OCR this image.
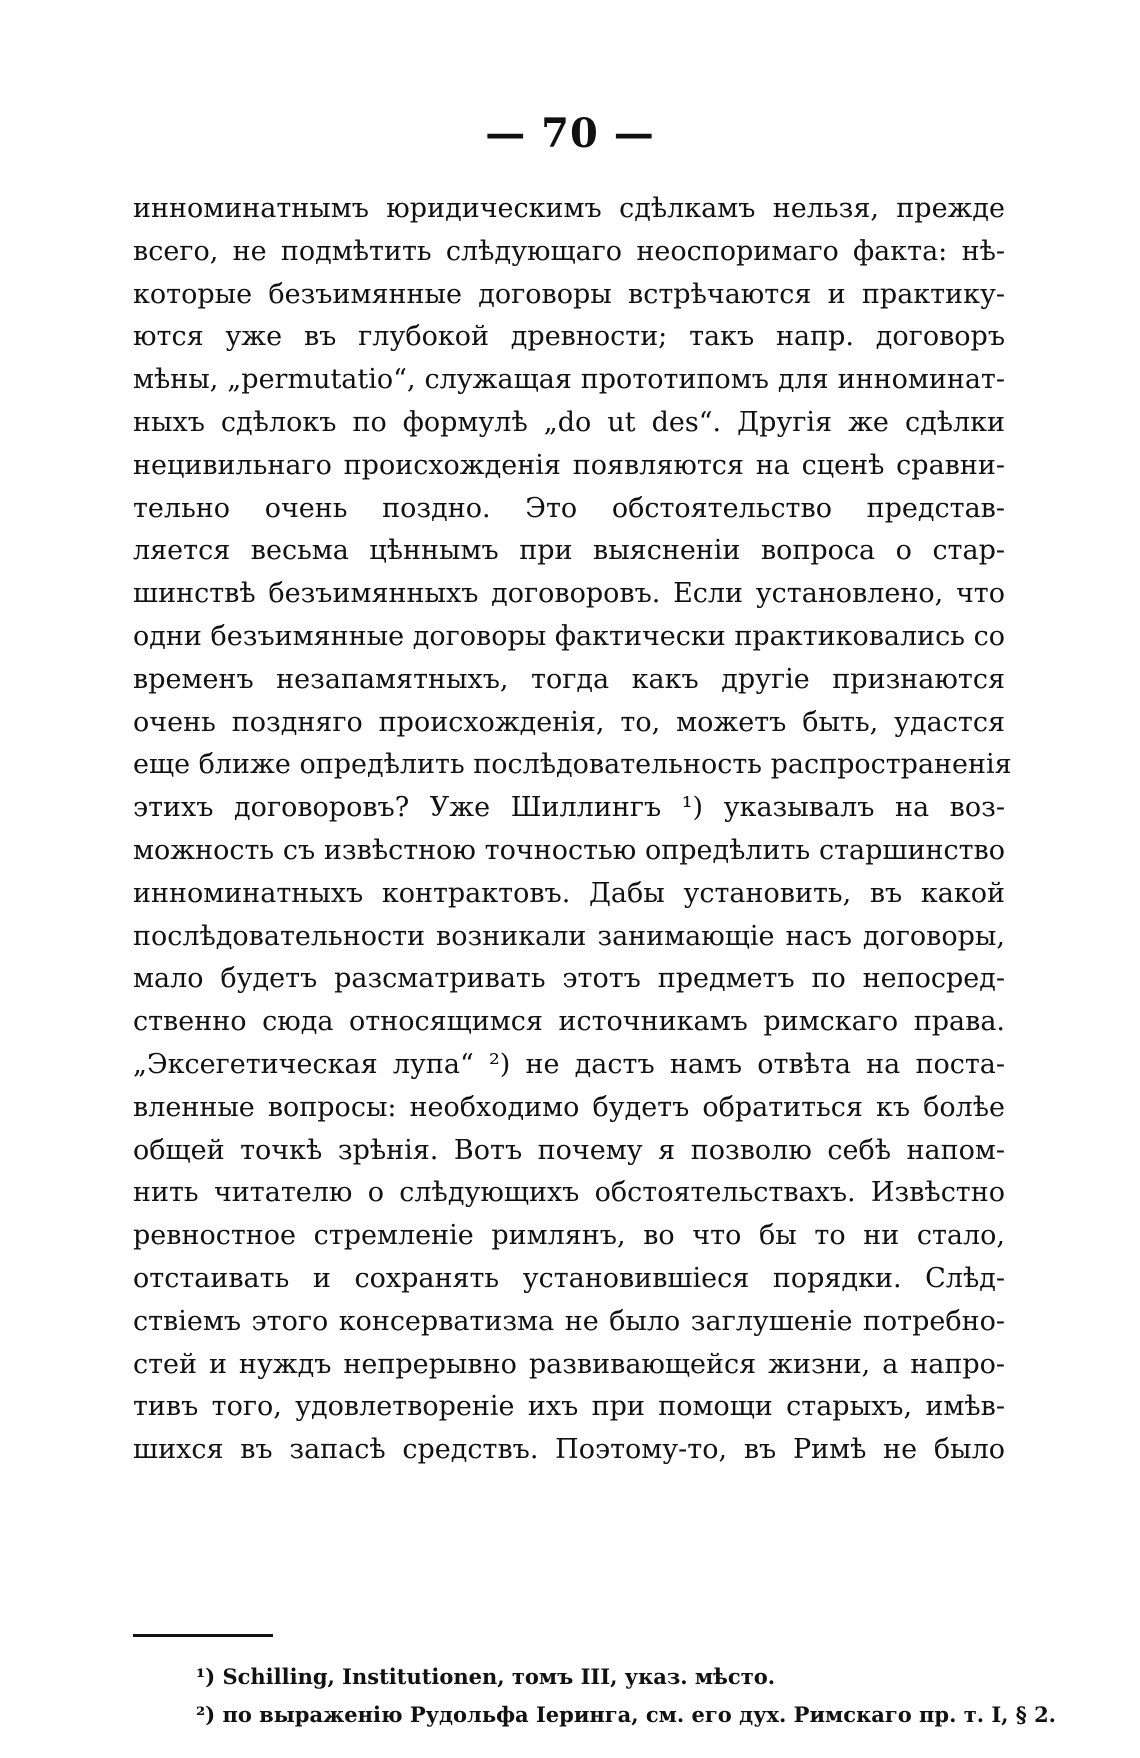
— 70 —
инноминатнымъ юридическимъ сдѣлкамъ нельзя, прежде
всего, не подмѣтить слѣдующаго неоспоримаго факта: нѣ-
которые безъимянные договоры встрѣчаются и практику-
ются уже въ глубокой древности; такъ напр. договоръ
мѣны, „permutatio“, служащая прототипомъ для инноминат-
ныхъ сдѣлокъ по формулѣ „do ut des“. Другія же сдѣлки
нецивильнаго происхожденія появляются на сценѣ сравни-
тельно очень поздно. Это обстоятельство представ-
ляется весьма цѣннымъ при выясненіи вопроса о стар-
шинствѣ безъимянныхъ договоровъ. Если установлено, что
одни безъимянные договоры фактически практиковались со
временъ незапамятныхъ, тогда какъ другіе признаются
очень поздняго происхожденія, то, можетъ быть, удастся
еще ближе опредѣлить послѣдовательность распространенія
этихъ договоровъ? Уже Шиллингъ ¹) указывалъ на воз-
можность съ извѣстною точностью опредѣлить старшинство
инноминатныхъ контрактовъ. Дабы установить, въ какой
послѣдовательности возникали занимающіе насъ договоры,
мало будетъ разсматривать этотъ предметъ по непосред-
ственно сюда относящимся источникамъ римскаго права.
„Эксегетическая лупа“ ²) не дастъ намъ отвѣта на поста-
вленные вопросы: необходимо будетъ обратиться къ болѣе
общей точкѣ зрѣнія. Вотъ почему я позволю себѣ напом-
нить читателю о слѣдующихъ обстоятельствахъ. Извѣстно
ревностное стремленіе римлянъ, во что бы то ни стало,
отстаивать и сохранять установившіеся порядки. Слѣд-
ствіемъ этого консерватизма не было заглушеніе потребно-
стей и нуждъ непрерывно развивающейся жизни, а напро-
тивъ того, удовлетвореніе ихъ при помощи старыхъ, имѣв-
шихся въ запасѣ средствъ. Поэтому-то, въ Римѣ не было
¹) Schilling, Institutionen, томъ III, указ. мѣсто.
²) по выраженію Рудольфа Іеринга, см. его дух. Римскаго пр. т. I, § 2.
